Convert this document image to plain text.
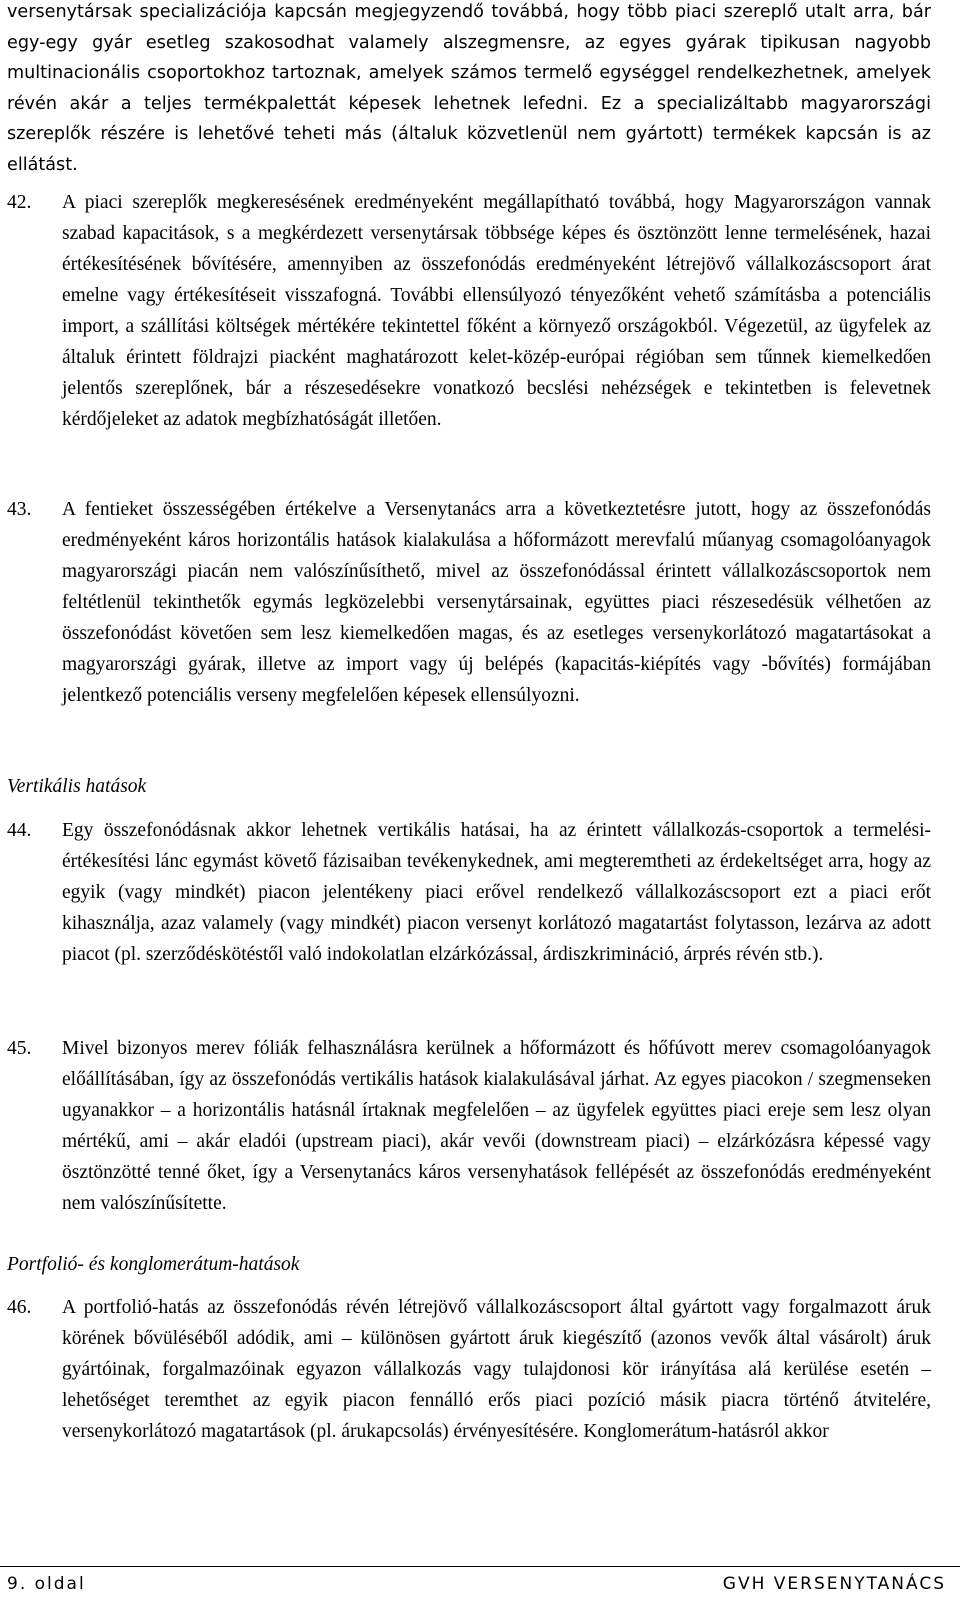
versenytársak specializációja kapcsán megjegyzendő továbbá, hogy több piaci szereplő utalt arra, bár egy-egy gyár esetleg szakosodhat valamely alszegmensre, az egyes gyárak tipikusan nagyobb multinacionális csoportokhoz tartoznak, amelyek számos termelő egységgel rendelkezhetnek, amelyek révén akár a teljes termékpalettát képesek lehetnek lefedni. Ez a specializáltabb magyarországi szereplők részére is lehetővé teheti más (általuk közvetlenül nem gyártott) termékek kapcsán is az ellátást.

42.	A piaci szereplők megkeresésének eredményeként megállapítható továbbá, hogy Magyarországon vannak szabad kapacitások, s a megkérdezett versenytársak többsége képes és ösztönzött lenne termelésének, hazai értékesítésének bővítésére, amennyiben az összefonódás eredményeként létrejövő vállalkozáscsoport árat emelne vagy értékesítéseit visszafogná. További ellensúlyozó tényezőként vehető számításba a potenciális import, a szállítási költségek mértékére tekintettel főként a környező országokból. Végezetül, az ügyfelek az általuk érintett földrajzi piacként maghatározott kelet-közép-európai régióban sem tűnnek kiemelkedően jelentős szereplőnek, bár a részesedésekre vonatkozó becslési nehézségek e tekintetben is felevetnek kérdőjeleket az adatok megbízhatóságát illetően.
43.	A fentieket összességében értékelve a Versenytanács arra a következtetésre jutott, hogy az összefonódás eredményeként káros horizontális hatások kialakulása a hőformázott merevfalú műanyag csomagolóanyagok magyarországi piacán nem valószínűsíthető, mivel az összefonódással érintett vállalkozáscsoportok nem feltétlenül tekinthetők egymás legközelebbi versenytársainak, együttes piaci részesedésük vélhetően az összefonódást követően sem lesz kiemelkedően magas, és az esetleges versenykorlátozó magatartásokat a magyarországi gyárak, illetve az import vagy új belépés (kapacitás-kiépítés vagy -bővítés) formájában jelentkező potenciális verseny megfelelően képesek ellensúlyozni.

Vertikális hatások

44.	Egy összefonódásnak akkor lehetnek vertikális hatásai, ha az érintett vállalkozás-csoportok a termelési-értékesítési lánc egymást követő fázisaiban tevékenykednek, ami megteremtheti az érdekeltséget arra, hogy az egyik (vagy mindkét) piacon jelentékeny piaci erővel rendelkező vállalkozáscsoport ezt a piaci erőt kihasználja, azaz valamely (vagy mindkét) piacon versenyt korlátozó magatartást folytasson, lezárva az adott piacot (pl. szerződéskötéstől való indokolatlan elzárkózással, árdiszkrimináció, árprés révén stb.).
45.	Mivel bizonyos merev fóliák felhasználásra kerülnek a hőformázott és hőfúvott merev csomagolóanyagok előállításában, így az összefonódás vertikális hatások kialakulásával járhat. Az egyes piacokon / szegmenseken ugyanakkor – a horizontális hatásnál írtaknak megfelelően – az ügyfelek együttes piaci ereje sem lesz olyan mértékű, ami – akár eladói (upstream piaci), akár vevői (downstream piaci) – elzárkózásra képessé vagy ösztönzötté tenné őket, így a Versenytanács káros versenyhatások fellépését az összefonódás eredményeként nem valószínűsítette.

Portfolió- és konglomerátum-hatások

46.	A portfolió-hatás az összefonódás révén létrejövő vállalkozáscsoport által gyártott vagy forgalmazott áruk körének bővüléséből adódik, ami – különösen gyártott áruk kiegészítő (azonos vevők által vásárolt) áruk gyártóinak, forgalmazóinak egyazon vállalkozás vagy tulajdonosi kör irányítása alá kerülése esetén – lehetőséget teremthet az egyik piacon fennálló erős piaci pozíció másik piacra történő átvitelére, versenykorlátozó magatartások (pl. árukapcsolás) érvényesítésére. Konglomerátum-hatásról akkor
9. oldal	GVH VERSENYTANÁCS
